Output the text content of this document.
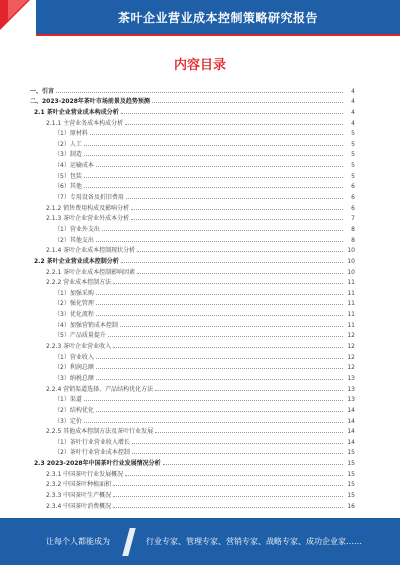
茶叶企业营业成本控制策略研究报告
内容目录
一、引言	4
二、2023-2028年茶叶市场前景及趋势预测	4
2.1 茶叶企业营业成本构成分析	4
2.1.1 主营业务成本构成分析	4
（1）原材料	5
（2）人工	5
（3）制造	5
（4）运输成本	5
（5）包装	5
（6）其他	6
（7）专用设备及折旧费用	6
2.1.2 销售费用构成及影响分析	6
2.1.3 茶叶企业营业外成本分析	7
（1）营业外支出	8
（2）其他支出	8
2.1.4 茶叶企业成本控制现状分析	10
2.2 茶叶企业营业成本控制分析	10
2.2.1 茶叶企业成本控制影响因素	10
2.2.2 营业成本控制方法	11
（1）加强采购	11
（2）强化管理	11
（3）优化流程	11
（4）加强营销成本控制	11
（5）产品质量提升	12
2.2.3 茶叶企业营业收入	12
（1）营业收入	12
（2）利润总额	12
（3）纳税总额	13
2.2.4 营销渠道选择、产品结构优化方法	13
（1）渠道	13
（2）结构优化	14
（3）定价	14
2.2.5 其他成本控制方法及茶叶行业发展	14
（1）茶叶行业营业收入增长	14
（2）茶叶行业营业成本控制	15
2.3 2023-2028年中国茶叶行业发展情况分析	15
2.3.1 中国茶叶行业发展概况	15
2.3.2 中国茶叶种植面积	15
2.3.3 中国茶叶生产概况	15
2.3.4 中国茶叶消费概况	16
让每个人都能成为	行业专家、管理专家、营销专家、战略专家、成功企业家……
